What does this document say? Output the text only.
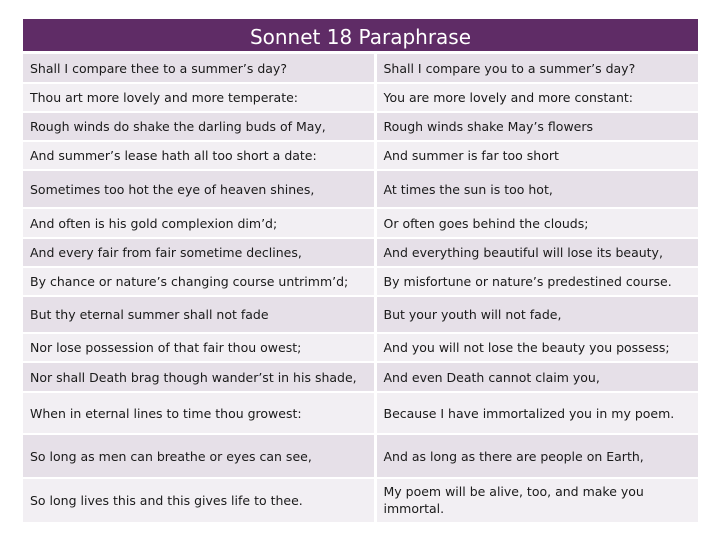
Sonnet 18 Paraphrase
Shall I compare thee to a summer’s day?	Shall I compare you to a summer’s day?
Thou art more lovely and more temperate:	You are more lovely and more constant:
Rough winds do shake the darling buds of May,	Rough winds shake May’s flowers
And summer’s lease hath all too short a date:	And summer is far too short
Sometimes too hot the eye of heaven shines,	At times the sun is too hot,
And often is his gold complexion dim’d;	Or often goes behind the clouds;
And every fair from fair sometime declines,	And everything beautiful will lose its beauty,
By chance or nature’s changing course untrimm’d;	By misfortune or nature’s predestined course.
But thy eternal summer shall not fade	But your youth will not fade,
Nor lose possession of that fair thou owest;	And you will not lose the beauty you possess;
Nor shall Death brag though wander’st in his shade,	And even Death cannot claim you,
When in eternal lines to time thou growest:	Because I have immortalized you in my poem.
So long as men can breathe or eyes can see,	And as long as there are people on Earth,
So long lives this and this gives life to thee.	My poem will be alive, too, and make you immortal.
